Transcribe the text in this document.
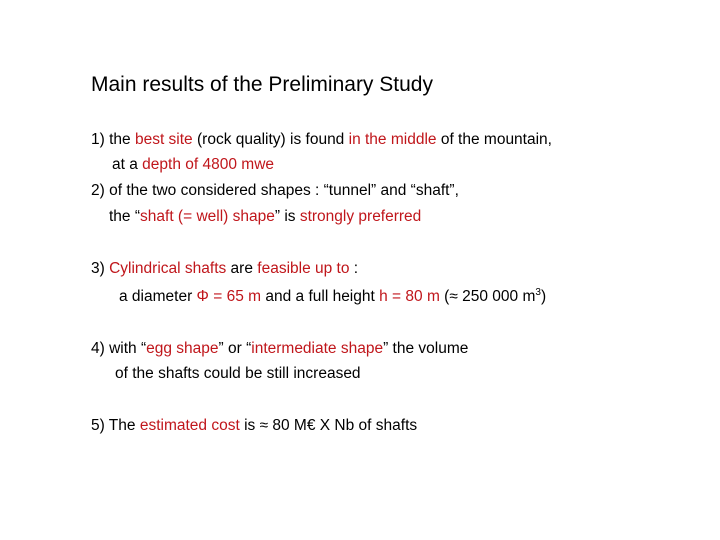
Main results of the Preliminary Study
1) the best site (rock quality) is found in the middle of the mountain,
at a depth of 4800 mwe
2) of the two considered shapes : “tunnel” and “shaft”,
the “shaft (= well) shape” is strongly preferred
3) Cylindrical shafts are feasible up to :
a diameter Φ = 65 m and a full height h = 80 m (≈ 250 000 $m^3$)
4) with “egg shape” or “intermediate shape” the volume
of the shafts could be still increased
5) The estimated cost is ≈ 80 M€ X Nb of shafts
